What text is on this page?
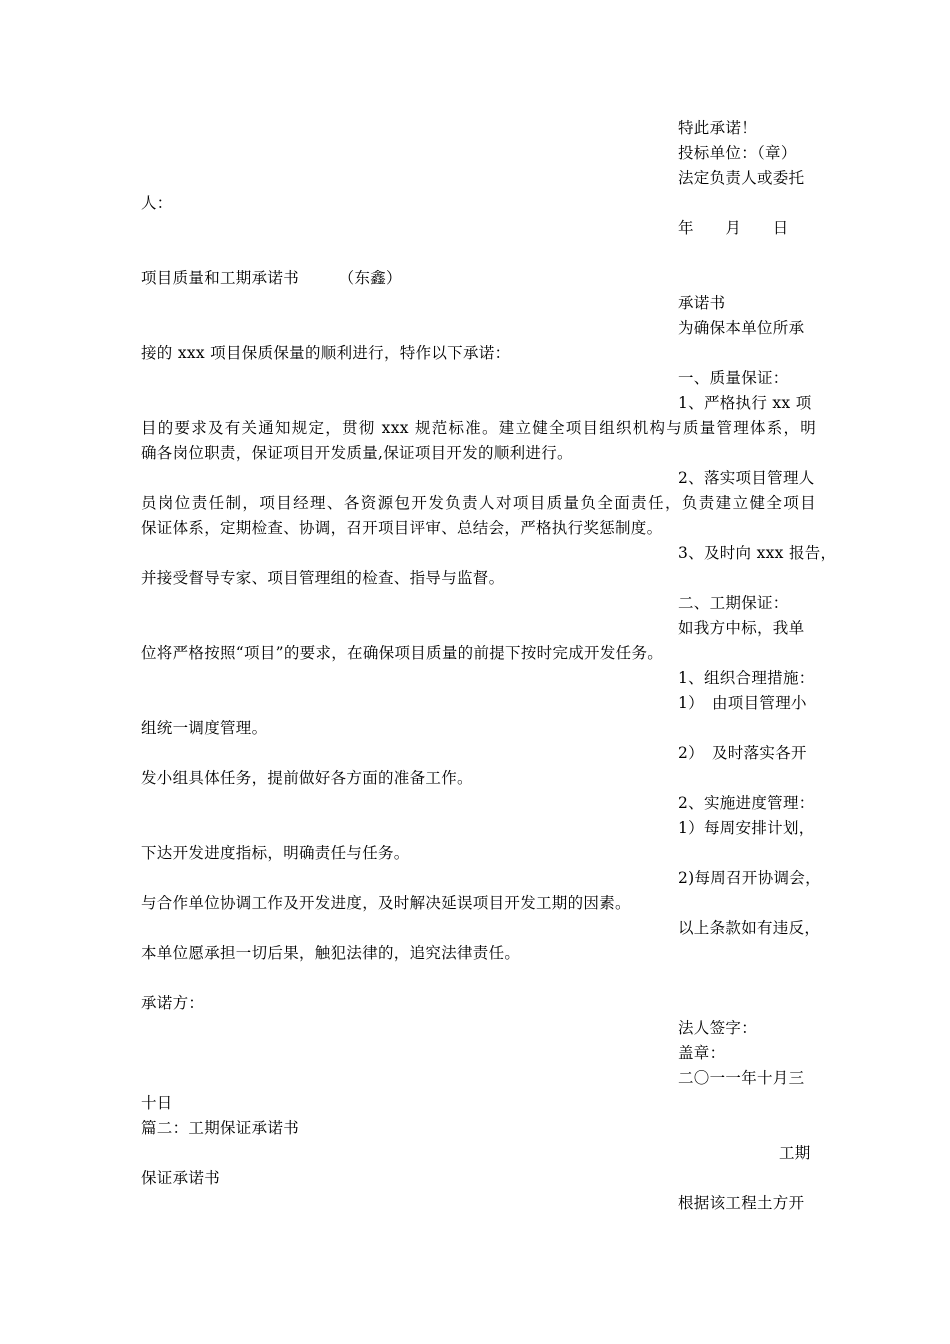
特此承诺！
投标单位：（章）
法定负责人或委托
人：
年　　月　　日
项目质量和工期承诺书　　　（东鑫）
承诺书
为确保本单位所承
接的 xxx 项目保质保量的顺利进行，特作以下承诺：
一、质量保证：
1、严格执行 xx 项
目的要求及有关通知规定，贯彻 xxx 规范标准。建立健全项目组织机构与质量管理体系，明
确各岗位职责，保证项目开发质量,保证项目开发的顺利进行。
2、落实项目管理人
员岗位责任制，项目经理、各资源包开发负责人对项目质量负全面责任，负责建立健全项目
保证体系，定期检查、协调，召开项目评审、总结会，严格执行奖惩制度。
3、及时向 xxx 报告，
并接受督导专家、项目管理组的检查、指导与监督。
二、工期保证：
如我方中标，我单
位将严格按照“项目”的要求，在确保项目质量的前提下按时完成开发任务。
1、组织合理措施：
1）　由项目管理小
组统一调度管理。
2）　及时落实各开
发小组具体任务，提前做好各方面的准备工作。
2、实施进度管理：
1）每周安排计划，
下达开发进度指标，明确责任与任务。
2)每周召开协调会，
与合作单位协调工作及开发进度，及时解决延误项目开发工期的因素。
以上条款如有违反，
本单位愿承担一切后果，触犯法律的，追究法律责任。
承诺方：
法人签字：
盖章：
二〇一一年十月三
十日
篇二：工期保证承诺书
工期
保证承诺书
根据该工程土方开
